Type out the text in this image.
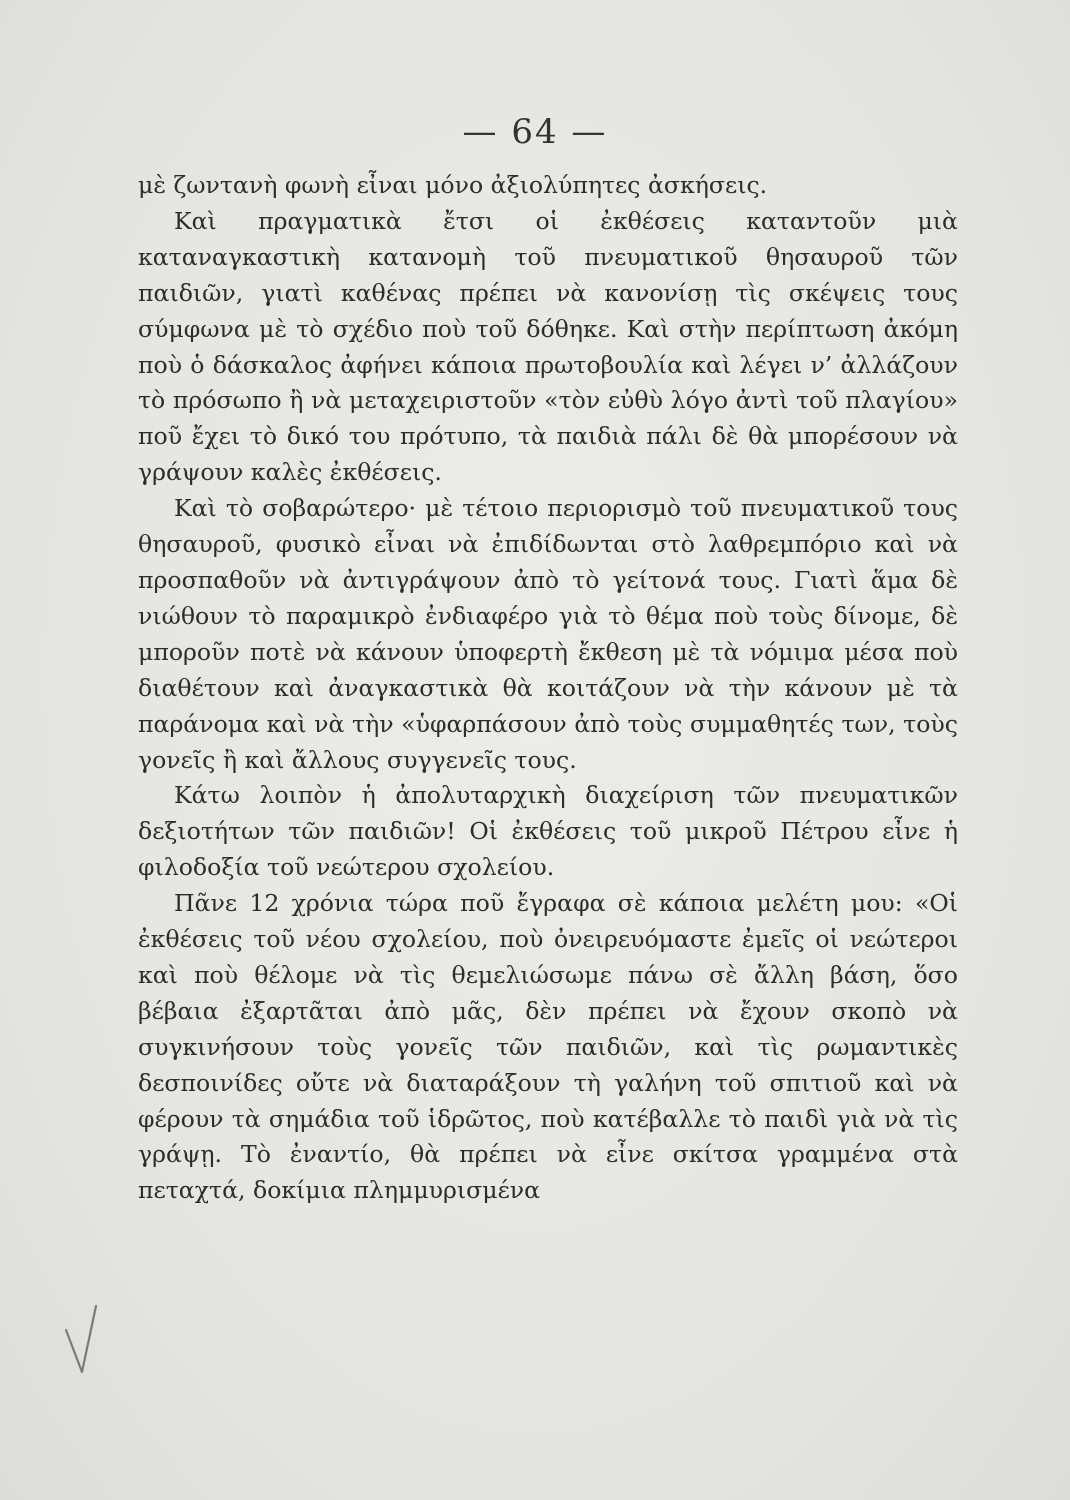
— 64 —

μὲ ζωντανὴ φωνὴ εἶναι μόνο ἀξιολύπητες ἀσκήσεις.

Καὶ πραγματικὰ ἔτσι οἱ ἐκθέσεις καταντοῦν μιὰ καταναγκαστικὴ κατανομὴ τοῦ πνευματικοῦ θησαυροῦ τῶν παιδιῶν, γιατὶ καθένας πρέπει νὰ κανονίσῃ τὶς σκέψεις τους σύμφωνα μὲ τὸ σχέδιο ποὺ τοῦ δόθηκε. Καὶ στὴν περίπτωση ἀκόμη ποὺ ὁ δάσκαλος ἀφήνει κάποια πρωτοβουλία καὶ λέγει ν’ ἀλλάζουν τὸ πρόσωπο ἢ νὰ μεταχειριστοῦν «τὸν εὐθὺ λόγο ἀντὶ τοῦ πλαγίου» ποῦ ἔχει τὸ δικό του πρότυπο, τὰ παιδιὰ πάλι δὲ θὰ μπορέσουν νὰ γράψουν καλὲς ἐκθέσεις.

Καὶ τὸ σοβαρώτερο· μὲ τέτοιο περιορισμὸ τοῦ πνευματικοῦ τους θησαυροῦ, φυσικὸ εἶναι νὰ ἐπιδίδωνται στὸ λαθρεμπόριο καὶ νὰ προσπαθοῦν νὰ ἀντιγράψουν ἀπὸ τὸ γείτονά τους. Γιατὶ ἅμα δὲ νιώθουν τὸ παραμικρὸ ἐνδιαφέρο γιὰ τὸ θέμα ποὺ τοὺς δίνομε, δὲ μποροῦν ποτὲ νὰ κάνουν ὑποφερτὴ ἔκθεση μὲ τὰ νόμιμα μέσα ποὺ διαθέτουν καὶ ἀναγκαστικὰ θὰ κοιτάζουν νὰ τὴν κάνουν μὲ τὰ παράνομα καὶ νὰ τὴν «ὑφαρπάσουν ἀπὸ τοὺς συμμαθητές των, τοὺς γονεῖς ἢ καὶ ἄλλους συγγενεῖς τους.

Κάτω λοιπὸν ἡ ἀπολυταρχικὴ διαχείριση τῶν πνευματικῶν δεξιοτήτων τῶν παιδιῶν! Οἱ ἐκθέσεις τοῦ μικροῦ Πέτρου εἶνε ἡ φιλοδοξία τοῦ νεώτερου σχολείου.

Πᾶνε 12 χρόνια τώρα ποῦ ἔγραφα σὲ κάποια μελέτη μου: «Οἱ ἐκθέσεις τοῦ νέου σχολείου, ποὺ ὀνειρευόμαστε ἐμεῖς οἱ νεώτεροι καὶ ποὺ θέλομε νὰ τὶς θεμελιώσωμε πάνω σὲ ἄλλη βάση, ὅσο βέβαια ἐξαρτᾶται ἀπὸ μᾶς, δὲν πρέπει νὰ ἔχουν σκοπὸ νὰ συγκινήσουν τοὺς γονεῖς τῶν παιδιῶν, καὶ τὶς ρωμαντικὲς δεσποινίδες οὔτε νὰ διαταράξουν τὴ γαλήνη τοῦ σπιτιοῦ καὶ νὰ φέρουν τὰ σημάδια τοῦ ἱδρῶτος, ποὺ κατέβαλλε τὸ παιδὶ γιὰ νὰ τὶς γράψῃ. Τὸ ἐναντίο, θὰ πρέπει νὰ εἶνε σκίτσα γραμμένα στὰ πεταχτά, δοκίμια πλημμυρισμένα
